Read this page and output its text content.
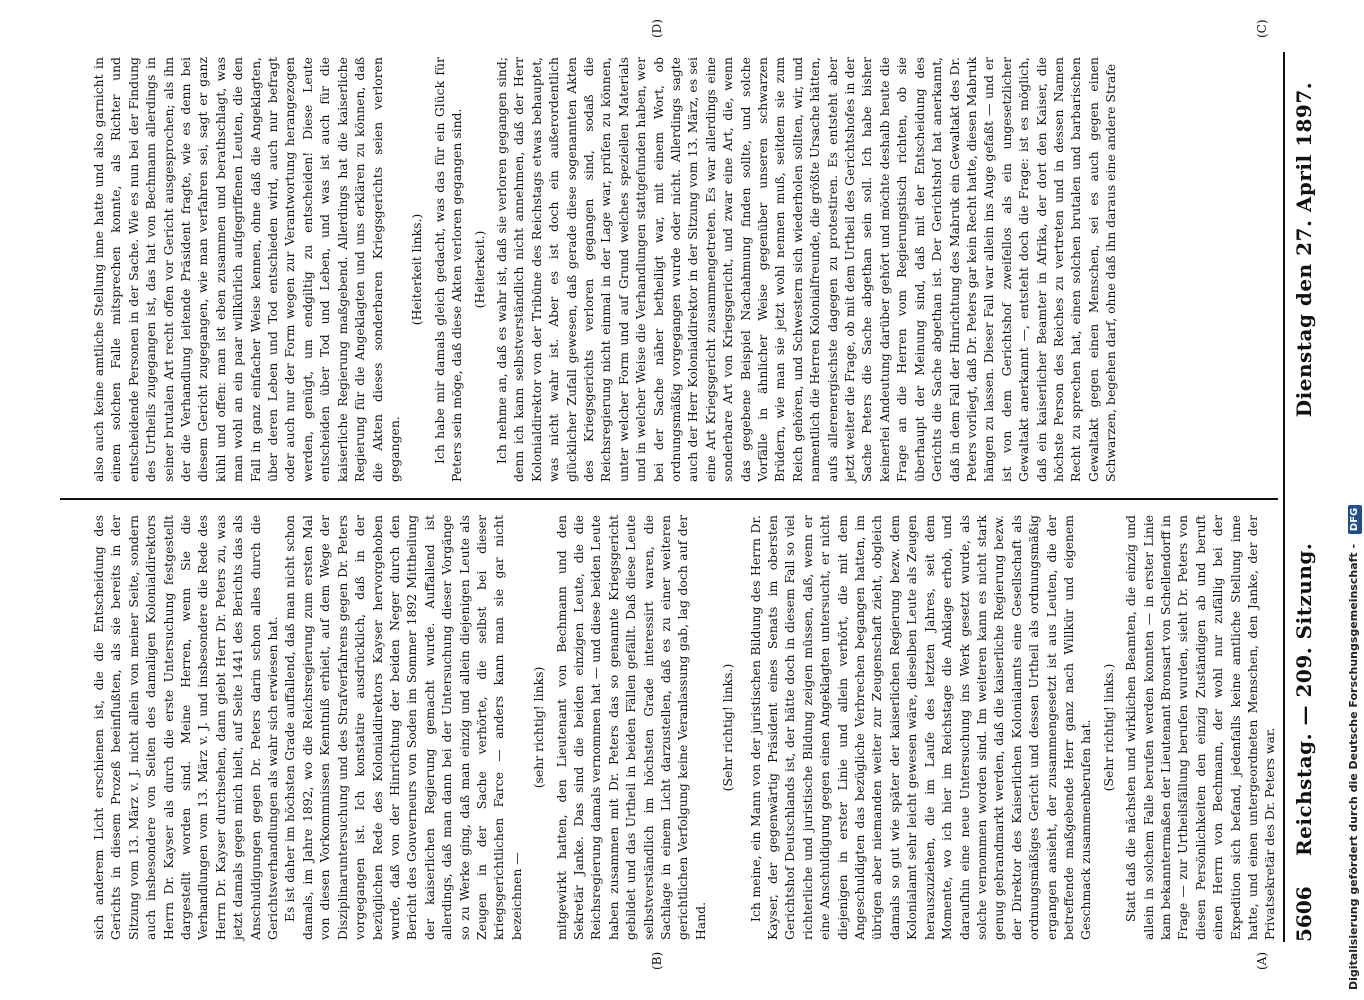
5606
Reichstag. — 209. Sitzung.
Dienstag den 27. April 1897.
(A)
(B)
(C)
(D)

sich anderem Licht erschienen ist, die die Entscheidung des Gerichts in diesem Prozeß beeinflußten, als sie bereits in der Sitzung vom 13. März v. J. nicht allein von meiner Seite, sondern auch insbesondere von Seiten des damaligen Kolonialdirektors Herrn Dr. Kayser als durch die erste Untersuchung festgestellt dargestellt worden sind. Meine Herren, wenn Sie die Verhandlungen vom 13. März v. J. und insbesondere die Rede des Herrn Dr. Kayser durchsehen, dann giebt Herr Dr. Peters zu, was jetzt damals gegen mich hielt, auf Seite 1441 des Berichts das als Anschuldigungen gegen Dr. Peters darin schon alles durch die Gerichtsverhandlungen als wahr sich erwiesen hat. Es ist daher im höchsten Grade auffallend, daß man nicht schon damals, im Jahre 1892, wo die Reichsregierung zum ersten Mal von diesen Vorkommnissen Kenntniß erhielt, auf dem Wege der Disziplinaruntersuchung und des Strafverfahrens gegen Dr. Peters vorgegangen ist. Ich konstatire ausdrücklich, daß in der bezüglichen Rede des Kolonialdirektors Kayser hervorgehoben wurde, daß von der Hinrichtung der beiden Neger durch den Bericht des Gouverneurs von Soden im Sommer 1892 Mittheilung der kaiserlichen Regierung gemacht wurde. Auffallend ist allerdings, daß man dann bei der Untersuchung dieser Vorgänge so zu Werke ging, daß man einzig und allein diejenigen Leute als Zeugen in der Sache verhörte, die selbst bei dieser kriegsgerichtlichen Farce — anders kann man sie gar nicht bezeichnen —

(sehr richtig! links) mitgewirkt hatten, den Lieutenant von Bechmann und den Sekretär Janke. Das sind die beiden einzigen Leute, die die Reichsregierung damals vernommen hat — und diese beiden Leute haben zusammen mit Dr. Peters das so genannte Kriegsgericht gebildet und das Urtheil in beiden Fällen gefällt. Daß diese Leute selbstverständlich im höchsten Grade interessirt waren, die Sachlage in einem Licht darzustellen, daß es zu einer weiteren gerichtlichen Verfolgung keine Veranlassung gab, lag doch auf der Hand.

(Sehr richtig! links.) Ich meine, ein Mann von der juristischen Bildung des Herrn Dr. Kayser, der gegenwärtig Präsident eines Senats im obersten Gerichtshof Deutschlands ist, der hätte doch in diesem Fall so viel richterliche und juristische Bildung zeigen müssen, daß, wenn er eine Anschuldigung gegen einen Angeklagten untersucht, er nicht diejenigen in erster Linie und allein verhört, die mit dem Angeschuldigten das bezügliche Verbrechen begangen hatten, im übrigen aber niemanden weiter zur Zeugenschaft zieht, obgleich damals so gut wie später der kaiserlichen Regierung bezw. dem Kolonialamt sehr leicht gewesen wäre, dieselben Leute als Zeugen herauszuziehen, die im Laufe des letzten Jahres, seit dem Momente, wo ich hier im Reichstage die Anklage erhob, und daraufhin eine neue Untersuchung ins Werk gesetzt wurde, als solche vernommen worden sind. Im weiteren kann es nicht stark genug gebrandmarkt werden, daß die kaiserliche Regierung bezw. der Direktor des Kaiserlichen Kolonialamts eine Gesellschaft als ordnungsmäßiges Gericht und dessen Urtheil als ordnungsmäßig ergangen ansieht, der zusammengesetzt ist aus Leuten, die der betreffende maßgebende Herr ganz nach Willkür und eigenem Geschmack zusammenberufen hat. (Sehr richtig! links.) Statt daß die nächsten und wirklichen Beamten, die einzig und allein in solchem Falle berufen werden konnten — in erster Linie kam bekanntermaßen der Lieutenant Bronsart von Schellendorff in Frage — zur Urtheilsfällung berufen wurden, sieht Dr. Peters von diesen Persönlichkeiten den einzig Zuständigen ab und beruft einen Herrn von Bechmann, der wohl nur zufällig bei der Expedition sich befand, jedenfalls keine amtliche Stellung inne hatte, und einen untergeordneten Menschen, den Janke, der der Privatsekretär des Dr. Peters war.

also auch keine amtliche Stellung inne hatte und also garnicht in einem solchen Falle mitsprechen konnte, als Richter und entscheidende Personen in der Sache. Wie es nun bei der Findung des Urtheils zugegangen ist, das hat von Bechmann allerdings in seiner brutalen Art recht offen vor Gericht ausgesprochen; als ihn der die Verhandlung leitende Präsident fragte, wie es denn bei diesem Gericht zugegangen, wie man verfahren sei, sagt er ganz kühl und offen: man ist eben zusammen und berathschlagt, was man wohl an ein paar willkürlich aufgegriffenen Leuten, die den Fall in ganz einfacher Weise kennen, ohne daß die Angeklagten, über deren Leben und Tod entschieden wird, auch nur befragt oder auch nur der Form wegen zur Verantwortung herangezogen werden, genügt, um endgiltig zu entscheiden! Diese Leute entscheiden über Tod und Leben, und was ist auch für die kaiserliche Regierung maßgebend. Allerdings hat die kaiserliche Regierung für die Angeklagten und uns erklären zu können, daß die Akten dieses sonderbaren Kriegsgerichts seien verloren gegangen.

(Heiterkeit links.) Ich habe mir damals gleich gedacht, was das für ein Glück für Peters sein möge, daß diese Akten verloren gegangen sind. (Heiterkeit.) Ich nehme an, daß es wahr ist, daß sie verloren gegangen sind; denn ich kann selbstverständlich nicht annehmen, daß der Herr Kolonialdirektor von der Tribüne des Reichstags etwas behauptet, was nicht wahr ist. Aber es ist doch ein außerordentlich glücklicher Zufall gewesen, daß gerade diese sogenannten Akten des Kriegsgerichts verloren gegangen sind, sodaß die Reichsregierung nicht einmal in der Lage war, prüfen zu können, unter welcher Form und auf Grund welches speziellen Materials und in welcher Weise die Verhandlungen stattgefunden haben, wer bei der Sache näher betheiligt war, mit einem Wort, ob ordnungsmäßig vorgegangen wurde oder nicht. Allerdings sagte auch der Herr Kolonialdirektor in der Sitzung vom 13. März, es sei eine Art Kriegsgericht zusammengetreten. Es war allerdings eine sonderbare Art von Kriegsgericht, und zwar eine Art, die, wenn das gegebene Beispiel Nachahmung finden sollte, und solche Vorfälle in ähnlicher Weise gegenüber unseren schwarzen Brüdern, wie man sie jetzt wohl nennen muß, seitdem sie zum Reich gehören, und Schwestern sich wiederholen sollten, wir, und namentlich die Herren Kolonialfreunde, die größte Ursache hätten, aufs allerenergischste dagegen zu protestiren. Es entsteht aber jetzt weiter die Frage, ob mit dem Urtheil des Gerichtshofes in der Sache Peters die Sache abgethan sein soll. Ich habe bisher keinerlei Andeutung darüber gehört und möchte deshalb heute die Frage an die Herren vom Regierungstisch richten, ob sie überhaupt der Meinung sind, daß mit der Entscheidung des Gerichts die Sache abgethan ist. Der Gerichtshof hat anerkannt, daß in dem Fall der Hinrichtung des Mabruk ein Gewaltakt des Dr. Peters vorliegt, daß Dr. Peters gar kein Recht hatte, diesen Mabruk hängen zu lassen. Dieser Fall war allein ins Auge gefaßt — und er ist von dem Gerichtshof zweifellos als ein ungesetzlicher Gewaltakt anerkannt —, entsteht doch die Frage: ist es möglich, daß ein kaiserlicher Beamter in Afrika, der dort den Kaiser, die höchste Person des Reiches zu vertreten und in dessen Namen Recht zu sprechen hat, einen solchen brutalen und barbarischen Gewaltakt gegen einen Menschen, sei es auch gegen einen Schwarzen, begehen darf, ohne daß ihn daraus eine andere Strafe

Digitalisierung gefördert durch die Deutsche Forschungsgemeinschaft - DFG
